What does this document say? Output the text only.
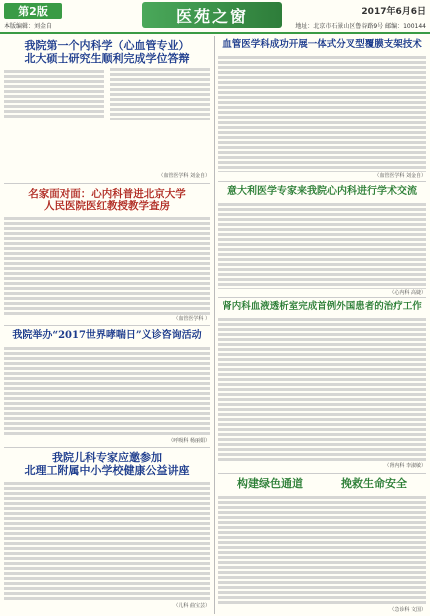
第2版
本版编辑：刘金自
医苑之窗	2017年6月6日
地址：北京市石景山区鲁谷路9号 邮编：100144
我院第一个内科学（心血管专业）
北大硕士研究生顺利完成学位答辩
（血管医学科 刘金自）
名家面对面：心内科普进北京大学
人民医院医红教授教学查房
（血管医学科 ）
我院举办“2017世界哮喘日”义诊咨询活动
（呼吸科 杨丽娟）
我院儿科专家应邀参加
北理工附属中小学校健康公益讲座
（儿科 曲宝芸）
血管医学科成功开展一体式分叉型覆膜支架技术
（血管医学科 刘金自）
意大利医学专家来我院心内科进行学术交流
（心内科 高婕）
肾内科血液透析室完成首例外国患者的治疗工作
（肾内科 李淑敏）
构建绿色通道	挽救生命安全
（急诊科 文国）
